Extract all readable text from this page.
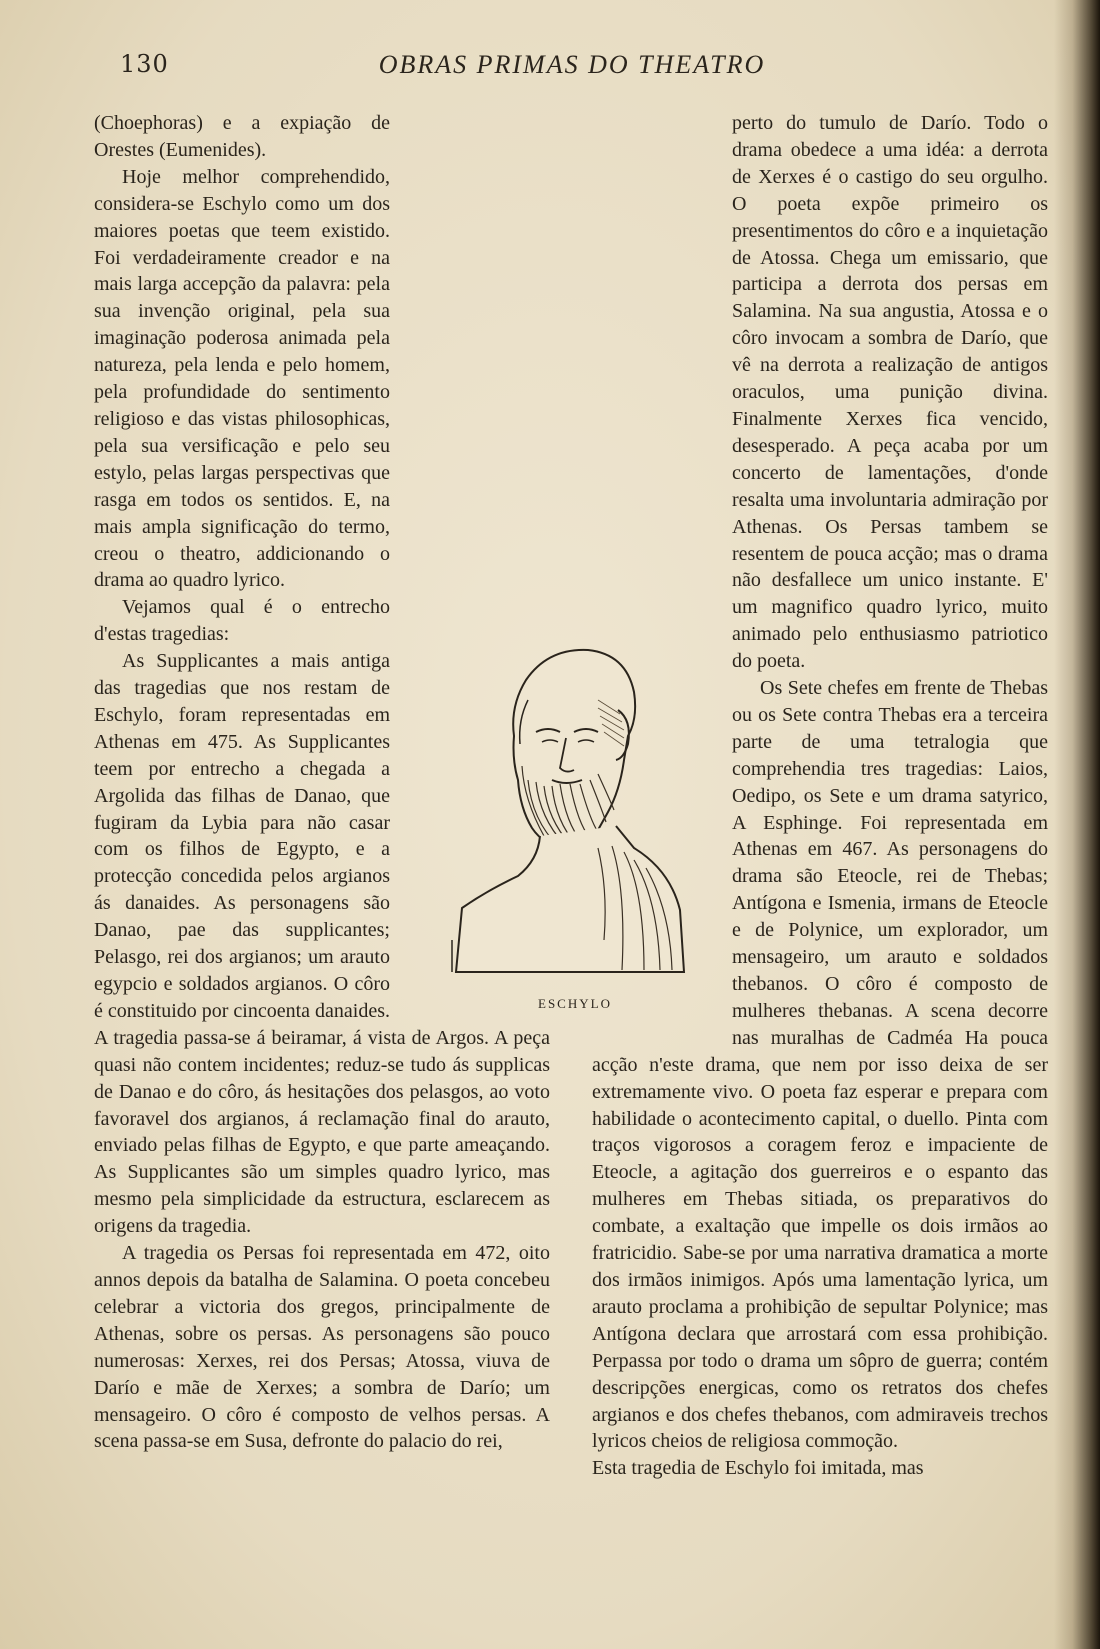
130	OBRAS PRIMAS DO THEATRO

(Choephoras) e a expiação de Orestes (Eumenides).

Hoje melhor comprehendido, considera-se Eschylo como um dos maiores poetas que teem existido. Foi verdadeiramente creador e na mais larga accepção da palavra: pela sua invenção original, pela sua imaginação poderosa animada pela natureza, pela lenda e pelo homem, pela profundidade do sentimento religioso e das vistas philosophicas, pela sua versificação e pelo seu estylo, pelas largas perspectivas que rasga em todos os sentidos. E, na mais ampla significação do termo, creou o theatro, addicionando o drama ao quadro lyrico.

Vejamos qual é o entrecho d'estas tragedias:

As Supplicantes a mais antiga das tragedias que nos restam de Eschylo, foram representadas em Athenas em 475. As Supplicantes teem por entrecho a chegada a Argolida das filhas de Danao, que fugiram da Lybia para não casar com os filhos de Egypto, e a protecção concedida pelos argianos ás danaides. As personagens são Danao, pae das supplicantes; Pelasgo, rei dos argianos; um arauto egypcio e soldados argianos. O côro é constituido por cincoenta danaides. A tragedia passa-se á beiramar, á vista de Argos. A peça quasi não contem incidentes; reduz-se tudo ás supplicas de Danao e do côro, ás hesitações dos pelasgos, ao voto favoravel dos argianos, á reclamação final do arauto, enviado pelas filhas de Egypto, e que parte ameaçando. As Supplicantes são um simples quadro lyrico, mas mesmo pela simplicidade da estructura, esclarecem as origens da tragedia.

A tragedia os Persas foi representada em 472, oito annos depois da batalha de Salamina. O poeta concebeu celebrar a victoria dos gregos, principalmente de Athenas, sobre os persas. As personagens são pouco numerosas: Xerxes, rei dos Persas; Atossa, viuva de Darío e mãe de Xerxes; a sombra de Darío; um mensageiro. O côro é composto de velhos persas. A scena passa-se em Susa, defronte do palacio do rei,

perto do tumulo de Darío. Todo o drama obedece a uma idéa: a derrota de Xerxes é o castigo do seu orgulho. O poeta expõe primeiro os presentimentos do côro e a inquietação de Atossa. Chega um emissario, que participa a derrota dos persas em Salamina. Na sua angustia, Atossa e o côro invocam a sombra de Darío, que vê na derrota a realização de antigos oraculos, uma punição divina. Finalmente Xerxes fica vencido, desesperado. A peça acaba por um concerto de lamentações, d'onde resalta uma involuntaria admiração por Athenas. Os Persas tambem se resentem de pouca acção; mas o drama não desfallece um unico instante. E' um magnifico quadro lyrico, muito animado pelo enthusiasmo patriotico do poeta.

Os Sete chefes em frente de Thebas ou os Sete contra Thebas era a terceira parte de uma tetralogia que comprehendia tres tragedias: Laios, Oedipo, os Sete e um drama satyrico, A Esphinge. Foi representada em Athenas em 467. As personagens do drama são Eteocle, rei de Thebas; Antígona e Ismenia, irmans de Eteocle e de Polynice, um explorador, um mensageiro, um arauto e soldados thebanos. O côro é composto de mulheres thebanas. A scena decorre nas muralhas de Cadméa Ha pouca acção n'este drama, que nem por isso deixa de ser extremamente vivo. O poeta faz esperar e prepara com habilidade o acontecimento capital, o duello. Pinta com traços vigorosos a coragem feroz e impaciente de Eteocle, a agitação dos guerreiros e o espanto das mulheres em Thebas sitiada, os preparativos do combate, a exaltação que impelle os dois irmãos ao fratricidio. Sabe-se por uma narrativa dramatica a morte dos irmãos inimigos. Após uma lamentação lyrica, um arauto proclama a prohibição de sepultar Polynice; mas Antígona declara que arrostará com essa prohibição. Perpassa por todo o drama um sôpro de guerra; contém descripções energicas, como os retratos dos chefes argianos e dos chefes thebanos, com admiraveis trechos lyricos cheios de religiosa commoção.

Esta tragedia de Eschylo foi imitada, mas

ESCHYLO
